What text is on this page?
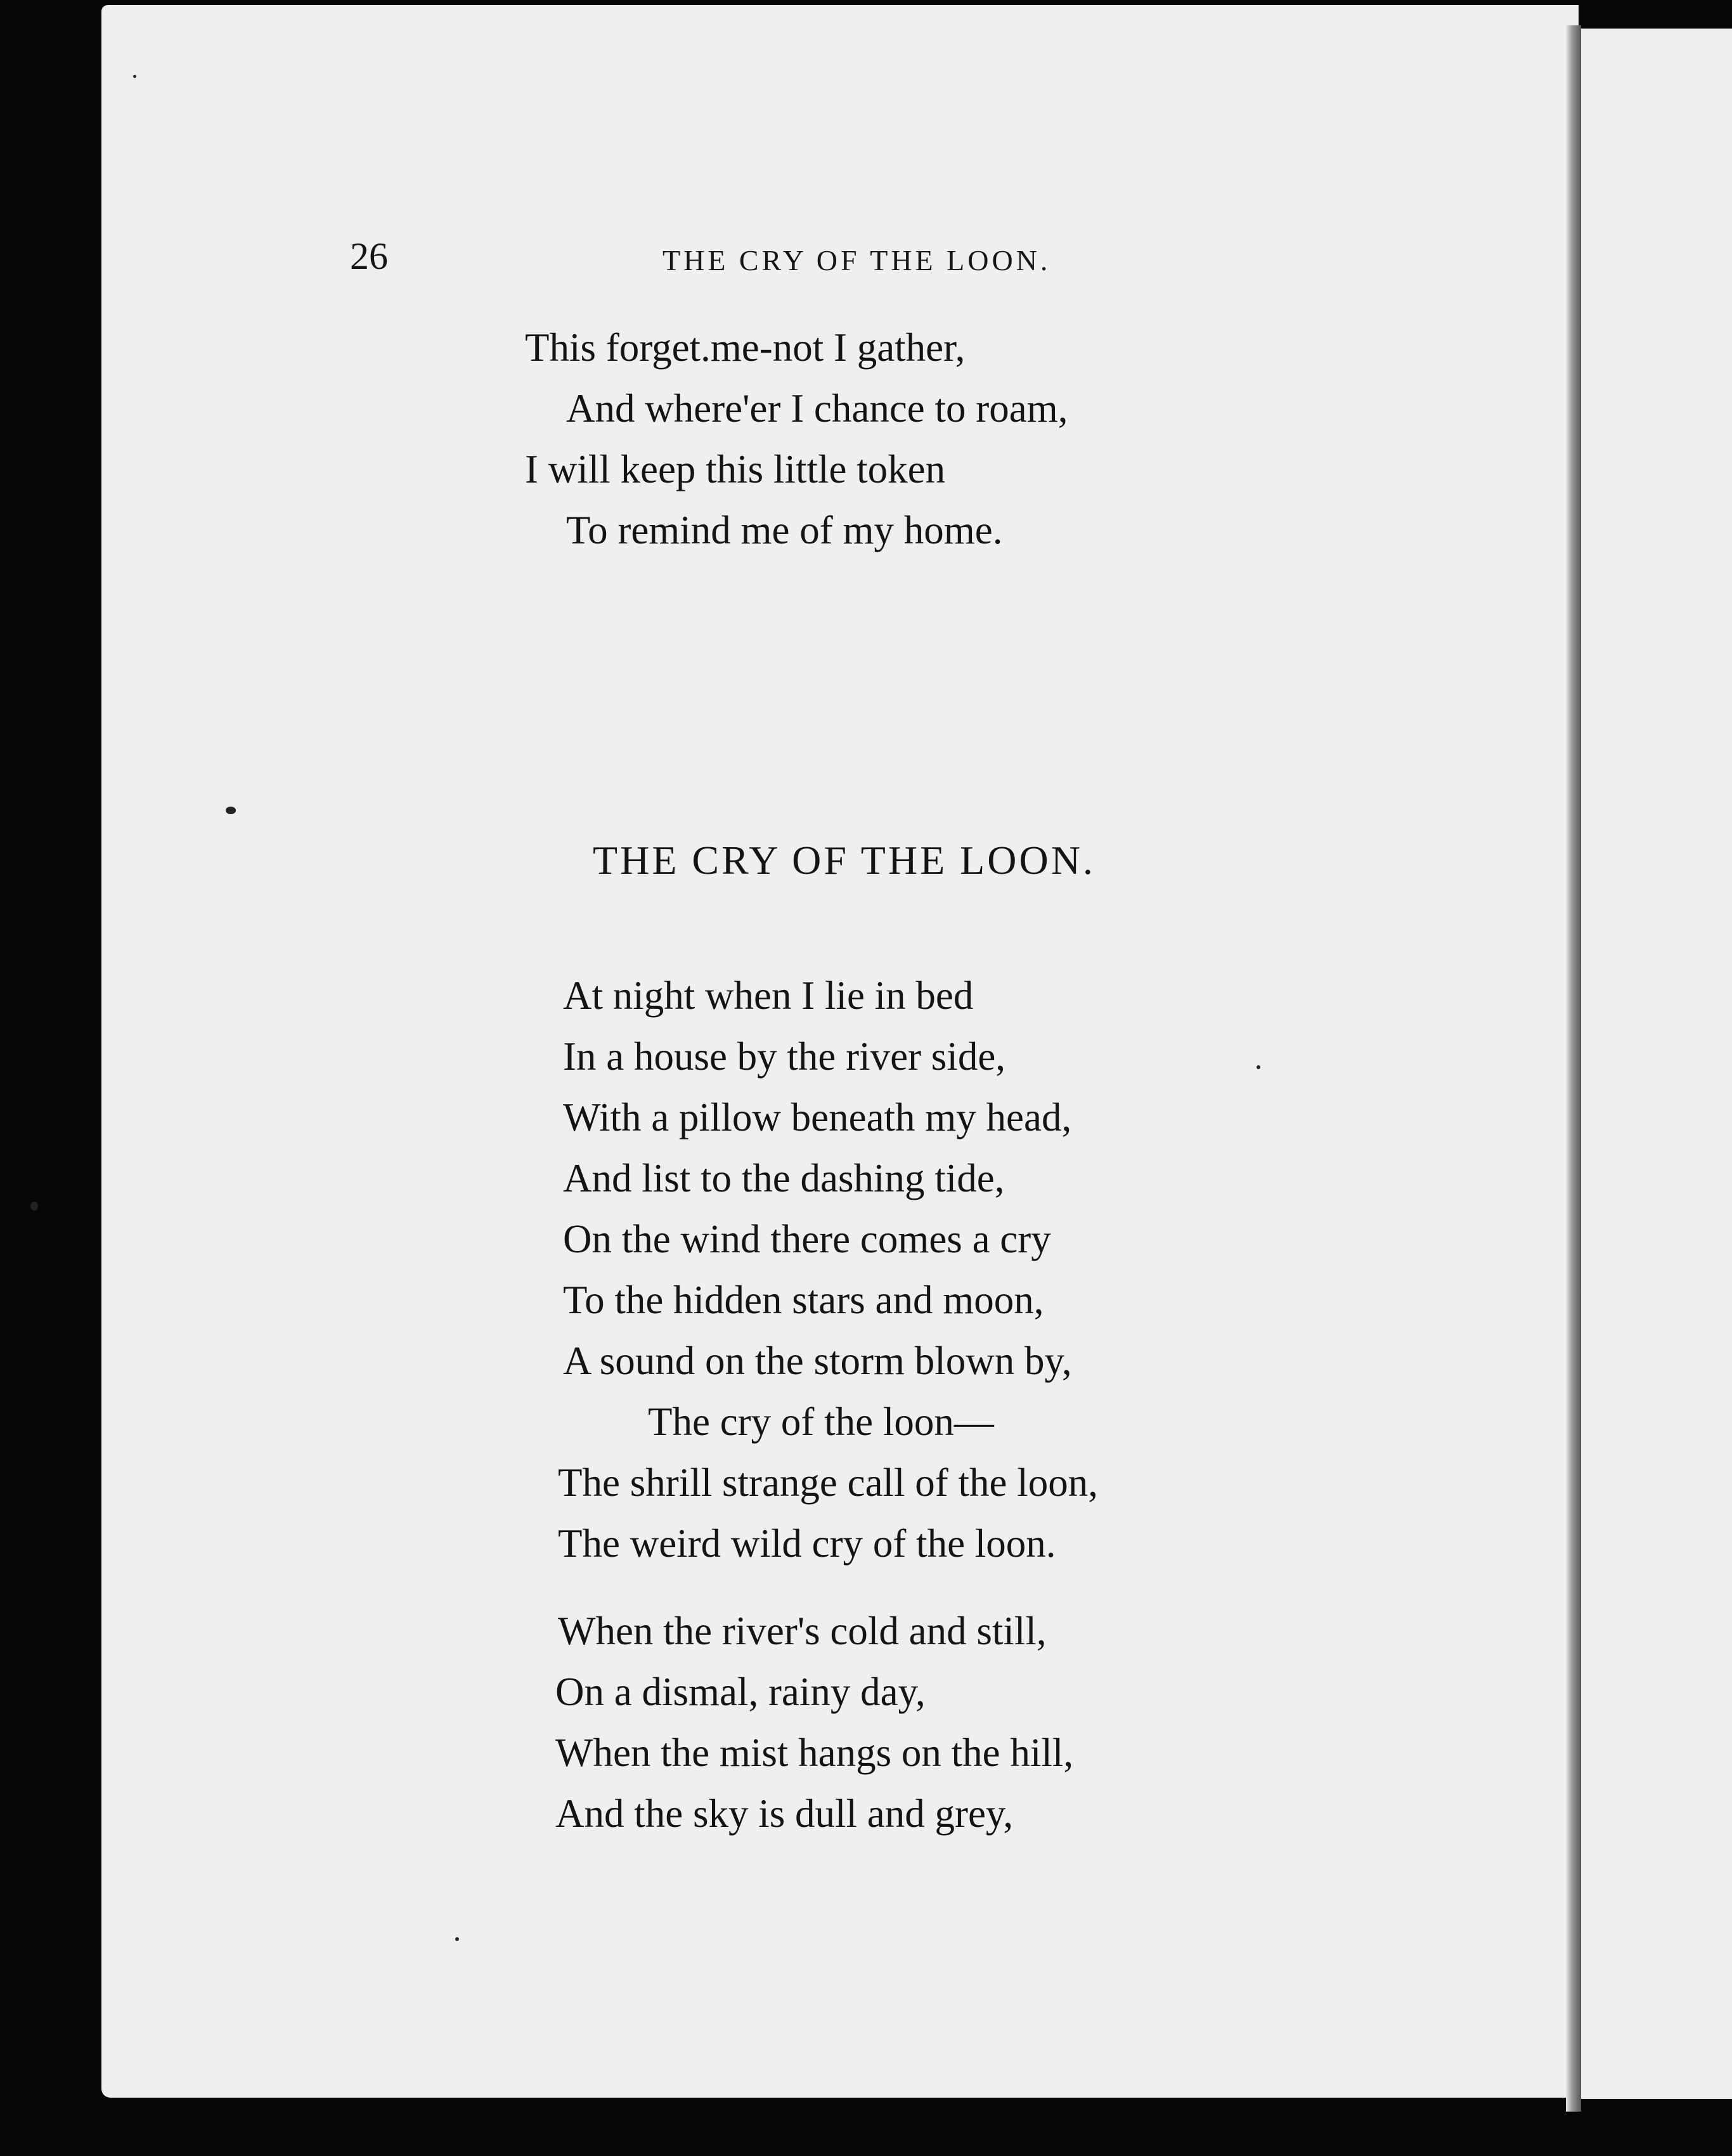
26	THE CRY OF THE LOON.
This forget.me-not I gather,
And where'er I chance to roam,
I will keep this little token
To remind me of my home.
THE CRY OF THE LOON.
At night when I lie in bed
In a house by the river side,
With a pillow beneath my head,
And list to the dashing tide,
On the wind there comes a cry
To the hidden stars and moon,
A sound on the storm blown by,
The cry of the loon—
The shrill strange call of the loon,
The weird wild cry of the loon.
When the river's cold and still,
On a dismal, rainy day,
When the mist hangs on the hill,
And the sky is dull and grey,
